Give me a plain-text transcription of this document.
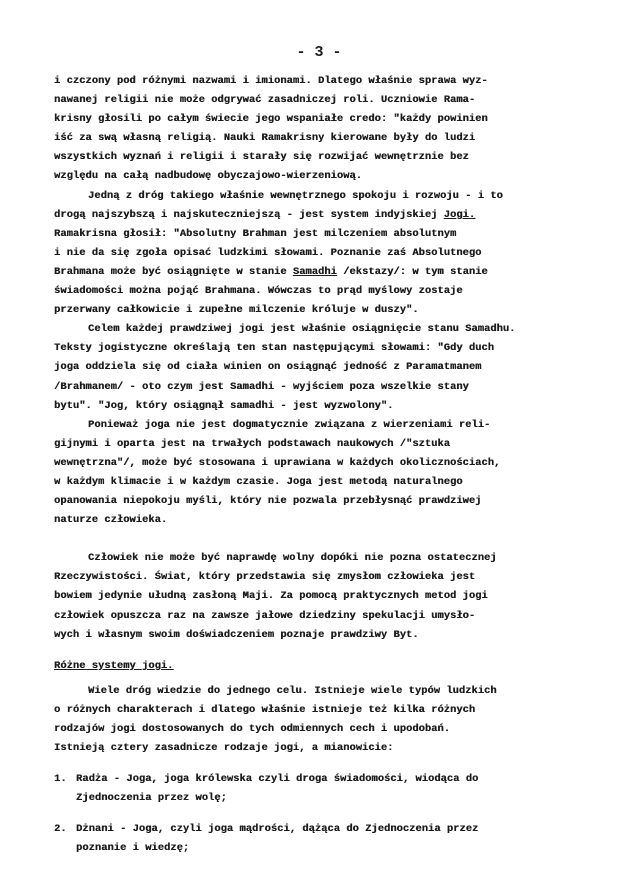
- 3 -

i czczony pod różnymi nazwami i imionami. Dlatego właśnie sprawa wyz-
nawanej religii nie może odgrywać zasadniczej roli. Uczniowie Rama-
krisny głosili po całym świecie jego wspaniałe credo: "każdy powinien
iść za swą własną religią. Nauki Ramakrisny kierowane były do ludzi
wszystkich wyznań i religii i starały się rozwijać wewnętrznie bez
względu na całą nadbudowę obyczajowo-wierzeniową.

Jedną z dróg takiego właśnie wewnętrznego spokoju i rozwoju - i to
drogą najszybszą i najskuteczniejszą - jest system indyjskiej Jogi.
Ramakrisna głosił: "Absolutny Brahman jest milczeniem absolutnym
i nie da się zgoła opisać ludzkimi słowami. Poznanie zaś Absolutnego
Brahmana może być osiągnięte w stanie Samadhi /ekstazy/: w tym stanie
świadomości można pojąć Brahmana. Wówczas to prąd myślowy zostaje
przerwany całkowicie i zupełne milczenie króluje w duszy".

Celem każdej prawdziwej jogi jest właśnie osiągnięcie stanu Samadhu.
Teksty jogistyczne określają ten stan następującymi słowami: "Gdy duch
joga oddziela się od ciała winien on osiągnąć jedność z Paramatmanem
/Brahmanem/ - oto czym jest Samadhi - wyjściem poza wszelkie stany
bytu". "Jog, który osiągnął samadhi - jest wyzwolony".

Ponieważ joga nie jest dogmatycznie związana z wierzeniami reli-
gijnymi i oparta jest na trwałych podstawach naukowych /"sztuka
wewnętrzna"/, może być stosowana i uprawiana w każdych okolicznościach,
w każdym klimacie i w każdym czasie. Joga jest metodą naturalnego
opanowania niepokoju myśli, który nie pozwala przebłysnąć prawdziwej
naturze człowieka.

Człowiek nie może być naprawdę wolny dopóki nie pozna ostatecznej
Rzeczywistości. Świat, który przedstawia się zmysłom człowieka jest
bowiem jedynie ułudną zasłoną Maji. Za pomocą praktycznych metod jogi
człowiek opuszcza raz na zawsze jałowe dziedziny spekulacji umysło-
wych i własnym swoim doświadczeniem poznaje prawdziwy Byt.

Różne systemy jogi.

Wiele dróg wiedzie do jednego celu. Istnieje wiele typów ludzkich
o różnych charakterach i dlatego właśnie istnieje też kilka różnych
rodzajów jogi dostosowanych do tych odmiennych cech i upodobań.
Istnieją cztery zasadnicze rodzaje jogi, a mianowicie:

1. Radża - Joga, joga królewska czyli droga świadomości, wiodąca do
Zjednoczenia przez wolę;

2. Dżnani - Joga, czyli joga mądrości, dążąca do Zjednoczenia przez
poznanie i wiedzę;
